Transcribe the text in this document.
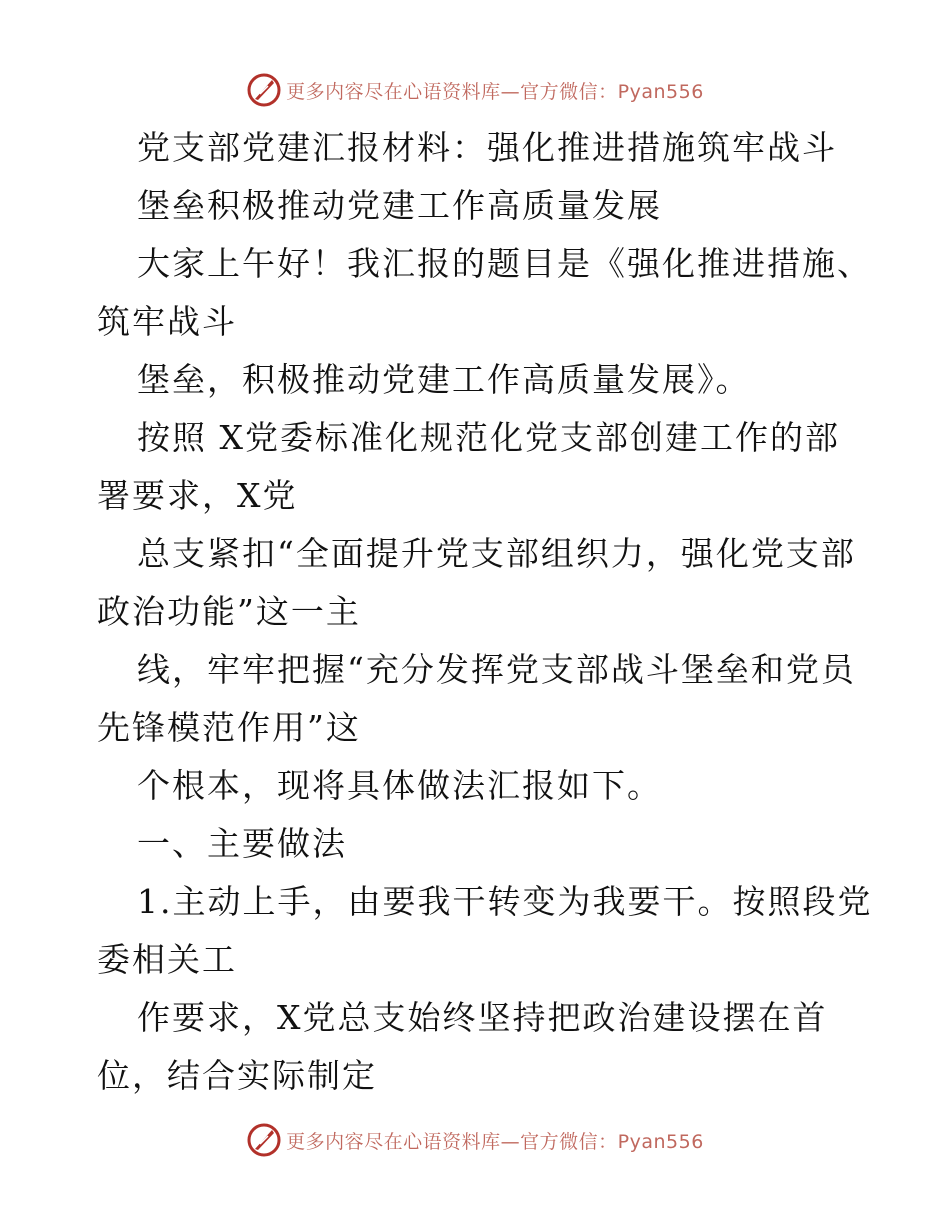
更多内容尽在心语资料库—官方微信：Pyan556
党支部党建汇报材料：强化推进措施筑牢战斗
堡垒积极推动党建工作高质量发展
大家上午好！我汇报的题目是《强化推进措施、
筑牢战斗
堡垒，积极推动党建工作高质量发展》。
按照 X党委标准化规范化党支部创建工作的部
署要求，X党
总支紧扣“全面提升党支部组织力，强化党支部
政治功能”这一主
线，牢牢把握“充分发挥党支部战斗堡垒和党员
先锋模范作用”这
个根本，现将具体做法汇报如下。
一、主要做法
1.主动上手，由要我干转变为我要干。按照段党
委相关工
作要求，X党总支始终坚持把政治建设摆在首
位，结合实际制定
更多内容尽在心语资料库—官方微信：Pyan556
